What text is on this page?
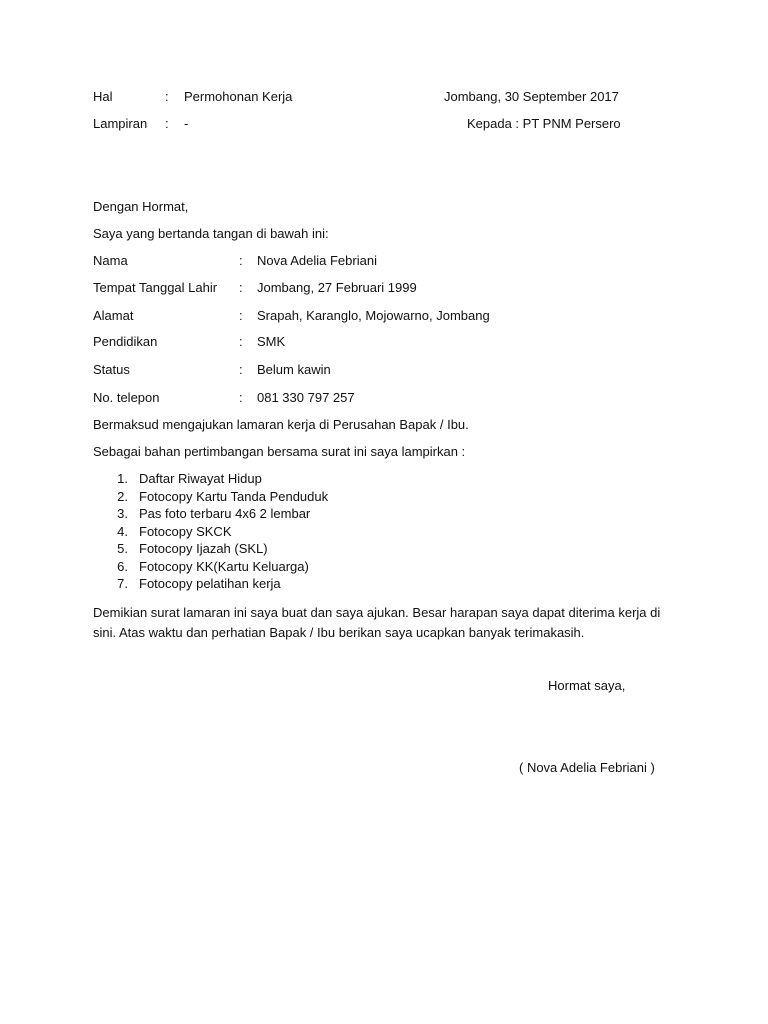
Hal	: Permohonan Kerja	Jombang, 30 September 2017
Lampiran : -	Kepada : PT PNM Persero
Dengan Hormat,
Saya yang bertanda tangan di bawah ini:
Nama	: Nova Adelia Febriani
Tempat Tanggal Lahir : Jombang, 27 Februari 1999
Alamat	: Srapah, Karanglo, Mojowarno, Jombang
Pendidikan	: SMK
Status	: Belum kawin
No. telepon	: 081 330 797 257
Bermaksud mengajukan lamaran kerja di Perusahan Bapak / Ibu.
Sebagai bahan pertimbangan bersama surat ini saya lampirkan :
1. Daftar Riwayat Hidup
2. Fotocopy Kartu Tanda Penduduk
3. Pas foto terbaru 4x6 2 lembar
4. Fotocopy SKCK
5. Fotocopy Ijazah (SKL)
6. Fotocopy KK(Kartu Keluarga)
7. Fotocopy pelatihan kerja
Demikian surat lamaran ini saya buat dan saya ajukan. Besar harapan saya dapat diterima kerja di sini. Atas waktu dan perhatian Bapak / Ibu berikan saya ucapkan banyak terimakasih.
Hormat saya,
( Nova Adelia Febriani )
